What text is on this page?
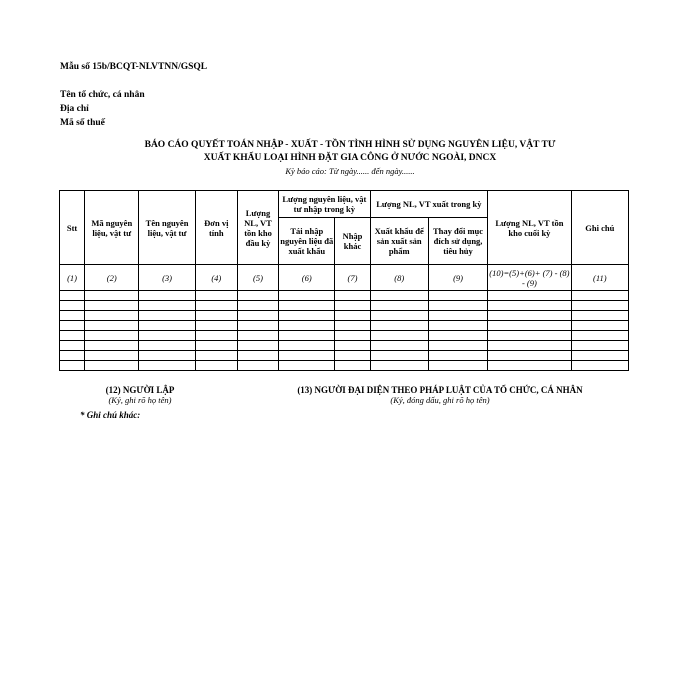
Mẫu số 15b/BCQT-NLVTNN/GSQL
Tên tổ chức, cá nhân
Địa chỉ
Mã số thuế
BÁO CÁO QUYẾT TOÁN NHẬP - XUẤT - TỒN TÌNH HÌNH SỬ DỤNG NGUYÊN LIỆU, VẬT TƯ
XUẤT KHẨU LOẠI HÌNH ĐẶT GIA CÔNG Ở NƯỚC NGOÀI, DNCX
Kỳ báo cáo: Từ ngày...... đến ngày......
Stt	Mã nguyên liệu, vật tư	Tên nguyên liệu, vật tư	Đơn vị tính	Lượng NL, VT tồn kho đầu kỳ	Lượng nguyên liệu, vật tư nhập trong kỳ		Lượng NL, VT xuất trong kỳ		Lượng NL, VT tồn kho cuối kỳ	Ghi chú
					Tái nhập nguyên liệu đã xuất khẩu	Nhập khác	Xuất khẩu để sản xuất sản phẩm	Thay đổi mục đích sử dụng, tiêu hủy		
(1)	(2)	(3)	(4)	(5)	(6)	(7)	(8)	(9)	(10)=(5)+(6)+ (7) - (8) - (9)	(11)

(12) NGƯỜI LẬP
(Ký, ghi rõ họ tên)
(13) NGƯỜI ĐẠI DIỆN THEO PHÁP LUẬT CỦA TỔ CHỨC, CÁ NHÂN
(Ký, đóng dấu, ghi rõ họ tên)
* Ghi chú khác:
